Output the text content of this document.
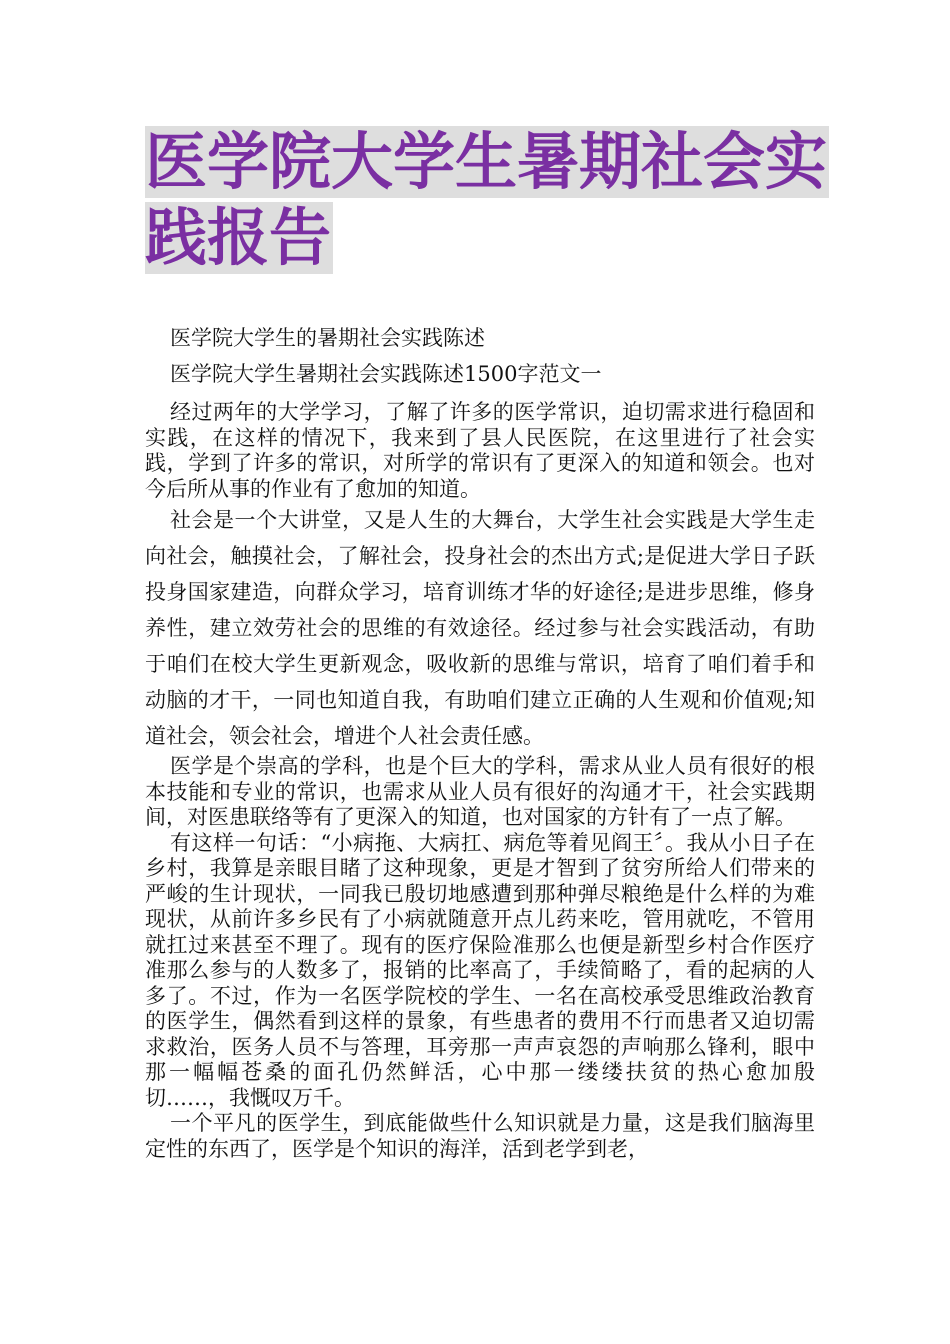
医学院大学生暑期社会实
践报告

医学院大学生的暑期社会实践陈述

医学院大学生暑期社会实践陈述1500字范文一

经过两年的大学学习，了解了许多的医学常识，迫切需求进行稳固和实践，在这样的情况下，我来到了县人民医院，在这里进行了社会实践，学到了许多的常识，对所学的常识有了更深入的知道和领会。也对今后所从事的作业有了愈加的知道。

社会是一个大讲堂，又是人生的大舞台，大学生社会实践是大学生走向社会，触摸社会，了解社会，投身社会的杰出方式;是促进大学日子跃投身国家建造，向群众学习，培育训练才华的好途径;是进步思维，修身养性，建立效劳社会的思维的有效途径。经过参与社会实践活动，有助于咱们在校大学生更新观念，吸收新的思维与常识，培育了咱们着手和动脑的才干，一同也知道自我，有助咱们建立正确的人生观和价值观;知道社会，领会社会，增进个人社会责任感。

医学是个崇高的学科，也是个巨大的学科，需求从业人员有很好的根本技能和专业的常识，也需求从业人员有很好的沟通才干，社会实践期间，对医患联络等有了更深入的知道，也对国家的方针有了一点了解。

有这样一句话：“小病拖、大病扛、病危等着见阎王〞。我从小日子在乡村，我算是亲眼目睹了这种现象，更是才智到了贫穷所给人们带来的严峻的生计现状，一同我已殷切地感遭到那种弹尽粮绝是什么样的为难现状，从前许多乡民有了小病就随意开点儿药来吃，管用就吃，不管用就扛过来甚至不理了。现有的医疗保险准那么也便是新型乡村合作医疗准那么参与的人数多了，报销的比率高了，手续简略了，看的起病的人多了。不过，作为一名医学院校的学生、一名在高校承受思维政治教育的医学生，偶然看到这样的景象，有些患者的费用不行而患者又迫切需求救治，医务人员不与答理，耳旁那一声声哀怨的声响那么锋利，眼中那一幅幅苍桑的面孔仍然鲜活，心中那一缕缕扶贫的热心愈加殷切……，我慨叹万千。

一个平凡的医学生，到底能做些什么知识就是力量，这是我们脑海里定性的东西了，医学是个知识的海洋，活到老学到老，
